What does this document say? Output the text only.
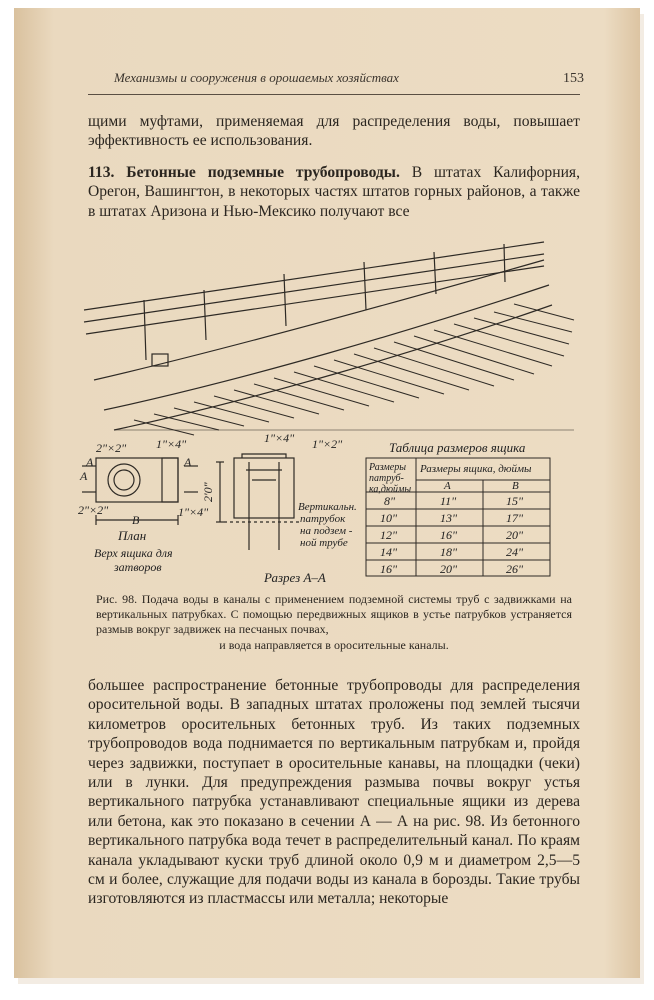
Механизмы и сооружения в орошаемых хозяйствах	153

щими муфтами, применяемая для распределения воды, повышает эффективность ее использования.

113. Бетонные подземные трубопроводы. В штатах Калифорния, Орегон, Вашингтон, в некоторых частях штатов горных районов, а также в штатах Аризона и Нью-Мексико получают все

2"×2" 1"×4"
А
А
А
2"×2"	1"×4"
В
План
Верх ящика для
затворов
1"×4" 1"×2"
2'0"
Вертикальн.
патрубок
на подзем -
ной трубе
Разрез А–А
Таблица размеров ящика
Размеры патруб-ка,дюймы
Размеры ящика, дюймы
А	В
8"	11"	15"
10"	13"	17"
12"	16"	20"
14"	18"	24"
16"	20"	26"
Рис. 98. Подача воды в каналы с применением подземной системы труб с задвижками на вертикальных патрубках. С помощью передвижных ящиков в устье патрубков устраняется размыв вокруг задвижек на песчаных почвах,
и вода направляется в оросительные каналы.

большее распространение бетонные трубопроводы для распределения оросительной воды. В западных штатах проложены под землей тысячи километров оросительных бетонных труб. Из таких подземных трубопроводов вода поднимается по вертикальным патрубкам и, пройдя через задвижки, поступает в оросительные канавы, на площадки (чеки) или в лунки. Для предупреждения размыва почвы вокруг устья вертикального патрубка устанавливают специальные ящики из дерева или бетона, как это показано в сечении А — А на рис. 98. Из бетонного вертикального патрубка вода течет в распределительный канал. По краям канала укладывают куски труб длиной около 0,9 м и диаметром 2,5—5 см и более, служащие для подачи воды из канала в борозды. Такие трубы изготовляются из пластмассы или металла; некоторые
